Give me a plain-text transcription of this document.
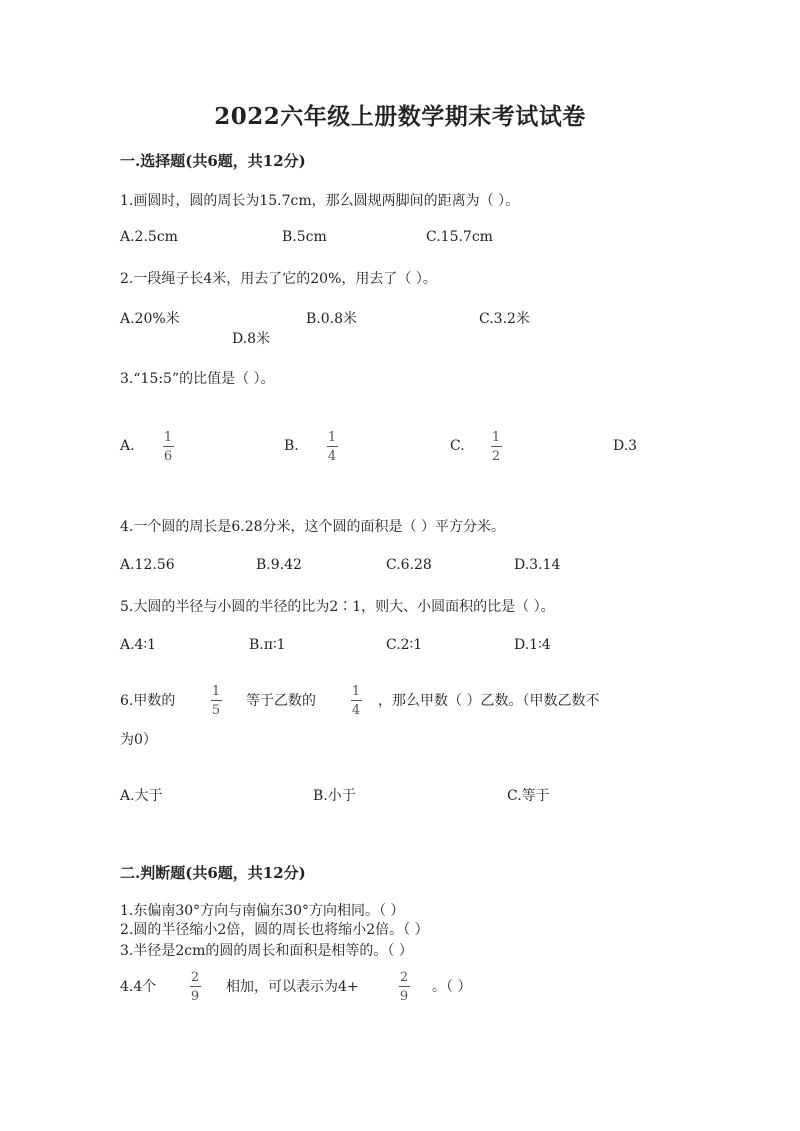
2022六年级上册数学期末考试试卷
一.选择题(共6题，共12分)
1.画圆时，圆的周长为15.7cm，那么圆规两脚间的距离为（ ）。
A.2.5cm	B.5cm	C.15.7cm
2.一段绳子长4米，用去了它的20%，用去了（ ）。
A.20%米	B.0.8米	C.3.2米
D.8米
3.“15:5”的比值是（ ）。
A.
1
6
B.
1
4
C.
1
2
D.3
4.一个圆的周长是6.28分米，这个圆的面积是（ ）平方分米。
A.12.56	B.9.42	C.6.28	D.3.14
5.大圆的半径与小圆的半径的比为2∶1，则大、小圆面积的比是（ ）。
A.4∶1	B.π∶1	C.2∶1	D.1∶4
6.甲数的
1
5
等于乙数的
1
4
，那么甲数（ ）乙数。（甲数乙数不
为0）
A.大于	B.小于	C.等于
二.判断题(共6题，共12分)
1.东偏南30°方向与南偏东30°方向相同。（ ）
2.圆的半径缩小2倍，圆的周长也将缩小2倍。（ ）
3.半径是2cm的圆的周长和面积是相等的。（ ）
4.4个
2
9
相加，可以表示为4+
2
9
。（ ）
